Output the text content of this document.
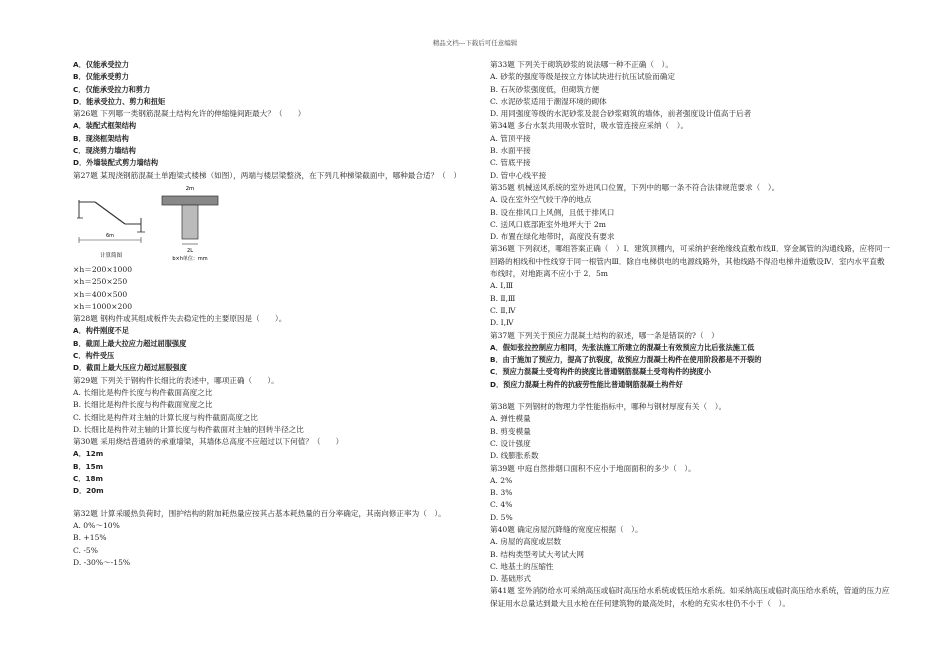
精品文档---下载后可任意编辑
A．仅能承受拉力
B．仅能承受剪力
C．仅能承受拉力和剪力
D．能承受拉力、剪力和扭矩
第26题 下列哪一类钢筋混凝土结构允许的伸缩缝间距最大？（　　）
A．装配式框架结构
B．现浇框架结构
C．现浇剪力墙结构
D．外墙装配式剪力墙结构
第27题 某现浇钢筋混凝土单跑梁式楼梯（如图），两端与楼层梁整浇，在下列几种梯梁截面中，哪种最合适？（　）
6m
计算简图
2m
2L
b×h单位：mm
×h＝200×1000
×h＝250×250
×h＝400×500
×h＝1000×200
第28题 钢构件或其组成板件失去稳定性的主要原因是（　　）。
A．构件刚度不足
B．截面上最大拉应力超过屈服强度
C．构件受压
D．截面上最大压应力超过屈服强度
第29题 下列关于钢构件长细比的表述中，哪项正确（　　）。
A. 长细比是构件长度与构件截面高度之比
B. 长细比是构件长度与构件截面宽度之比
C. 长细比是构件对主轴的计算长度与构件截面高度之比
D. 长细比是构件对主轴的计算长度与构件截面对主轴的回转半径之比
第30题 采用烧结普通砖的承重墙梁，其墙体总高度不应超过以下何值？（　　）
A．12m
B．15m
C．18m
D．20m
第32题 计算采暖热负荷时，围护结构的附加耗热量应按其占基本耗热量的百分率确定，其南向修正率为（　）。
A. 0%～10%
B. +15%
C. -5%
D. -30%～-15%
第33题 下列关于砌筑砂浆的说法哪一种不正确（　）。
A. 砂浆的强度等级是按立方体试块进行抗压试验而确定
B. 石灰砂浆强度低，但砌筑方便
C. 水泥砂浆适用于潮湿环境的砌体
D. 用同强度等级的水泥砂浆及混合砂浆砌筑的墙体，前者强度设计值高于后者
第34题 多台水泵共用吸水管时，吸水管连接应采纳（　）。
A. 管顶平接
B. 水面平接
C. 管底平接
D. 管中心线平接
第35题 机械送风系统的室外进风口位置，下列中的哪一条不符合法律规范要求（　）。
A. 设在室外空气较干净的地点
B. 设在排风口上风侧，且低于排风口
C. 送风口底部距室外地坪大于 2m
D. 布置在绿化地带时，高度没有要求
第36题 下列叙述，哪组答案正确（　）Ⅰ．建筑顶棚内，可采纳护套绝缘线直敷布线Ⅱ．穿金属管的沟通线路，应将同一回路的相线和中性线穿于同一根管内Ⅲ．除自电梯供电的电源线路外，其他线路不得沿电梯井道敷设Ⅳ．室内水平直敷布线时，对地距离不应小于 2．5m
A. Ⅰ,Ⅲ
B. Ⅱ,Ⅲ
C. Ⅱ,Ⅳ
D. Ⅰ,Ⅳ
第37题 下列关于预应力混凝土结构的叙述，哪一条是错误的?（　）
A．假如张拉控制应力相同，先张法施工所建立的混凝土有效预应力比后张法施工低
B．由于施加了预应力，提高了抗裂度，故预应力混凝土构件在使用阶段都是不开裂的
C．预应力混凝土受弯构件的挠度比普通钢筋混凝土受弯构件的挠度小
D．预应力混凝土构件的抗疲劳性能比普通钢筋混凝土构件好
第38题 下列钢材的物理力学性能指标中，哪种与钢材厚度有关（　）。
A. 弹性模量
B. 剪变模量
C. 设计强度
D. 线膨胀系数
第39题 中庭自然排烟口面积不应小于地面面积的多少（　）。
A. 2%
B. 3%
C. 4%
D. 5%
第40题 确定房屋沉降缝的宽度应根据（　）。
A. 房屋的高度或层数
B. 结构类型考试大考试大网
C. 地基土的压缩性
D. 基础形式
第41题 室外消防给水可采纳高压或临时高压给水系统或低压给水系统。如采纳高压或临时高压给水系统，管道的压力应保证用水总量达到最大且水枪在任何建筑物的最高处时，水枪的充实水柱仍不小于（　）。
